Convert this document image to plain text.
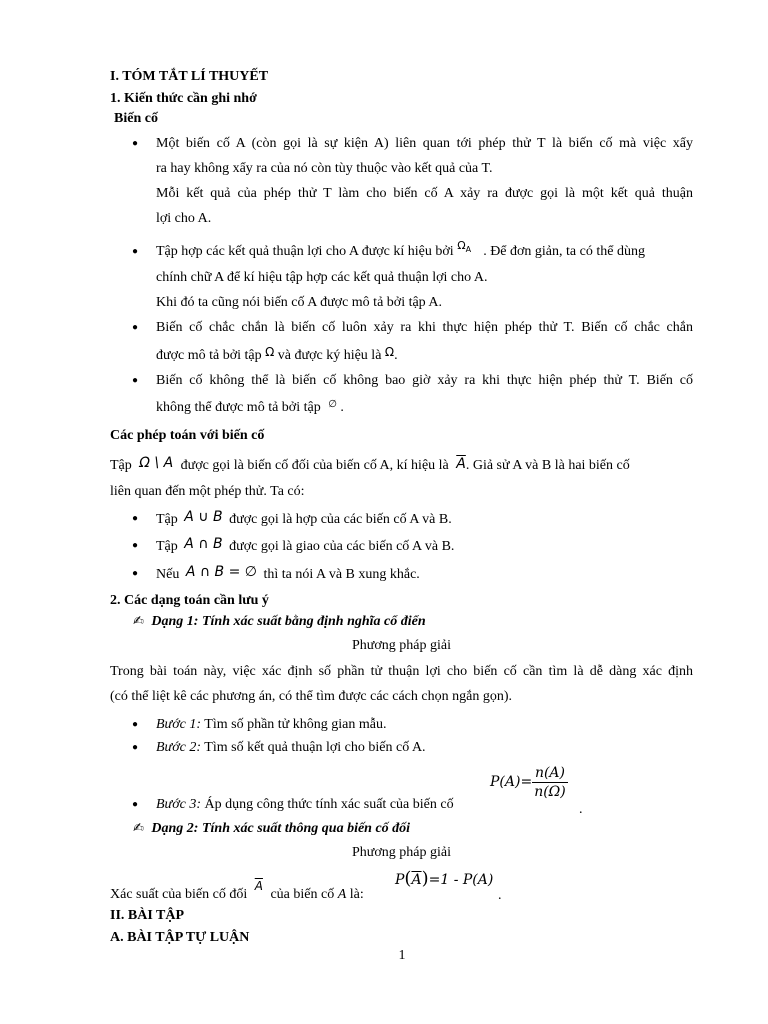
I. TÓM TẮT LÍ THUYẾT
1. Kiến thức cần ghi nhớ
Biến cố
● Một biến cố A (còn gọi là sự kiện A) liên quan tới phép thử T là biến cố mà việc xẩy
ra hay không xẩy ra của nó còn tùy thuộc vào kết quả của T.
Mỗi kết quả của phép thử T làm cho biến cố A xảy ra được gọi là một kết quả thuận
lợi cho A.
● Tập hợp các kết quả thuận lợi cho A được kí hiệu bởi $\Omega_A$ . Để đơn giản, ta có thể dùng
chính chữ A để kí hiệu tập hợp các kết quả thuận lợi cho A.
Khi đó ta cũng nói biến cố A được mô tả bởi tập A.
● Biến cố chắc chắn là biến cố luôn xảy ra khi thực hiện phép thử T. Biến cố chắc chắn
được mô tả bởi tập Ω và được ký hiệu là Ω.
● Biến cố không thể là biến cố không bao giờ xảy ra khi thực hiện phép thử T. Biến cố
không thể được mô tả bởi tập ∅ .
Các phép toán với biến cố
Tập Ω \ A được gọi là biến cố đối của biến cố A, kí hiệu là $\overline{A}$. Giả sử A và B là hai biến cố
liên quan đến một phép thử. Ta có:
● Tập A ∪ B được gọi là hợp của các biến cố A và B.
● Tập A ∩ B được gọi là giao của các biến cố A và B.
● Nếu A ∩ B = ∅ thì ta nói A và B xung khắc.
2. Các dạng toán cần lưu ý
✍ Dạng 1: Tính xác suất bằng định nghĩa cổ điển
Phương pháp giải
Trong bài toán này, việc xác định số phần tử thuận lợi cho biến cố cần tìm là dễ dàng xác định
(có thể liệt kê các phương án, có thể tìm được các cách chọn ngắn gọn).
● Bước 1: Tìm số phần tử không gian mẫu.
● Bước 2: Tìm số kết quả thuận lợi cho biến cố A.
● Bước 3: Áp dụng công thức tính xác suất của biến cố
$P(A)= \frac{n(A)}{n(\Omega)}$
.
✍ Dạng 2: Tính xác suất thông qua biến cố đối
Phương pháp giải
Xác suất của biến cố đối $\overline{A}$ của biến cố A là:
$P(\overline{A})=1 - P(A)$
.
II. BÀI TẬP
A. BÀI TẬP TỰ LUẬN
1
